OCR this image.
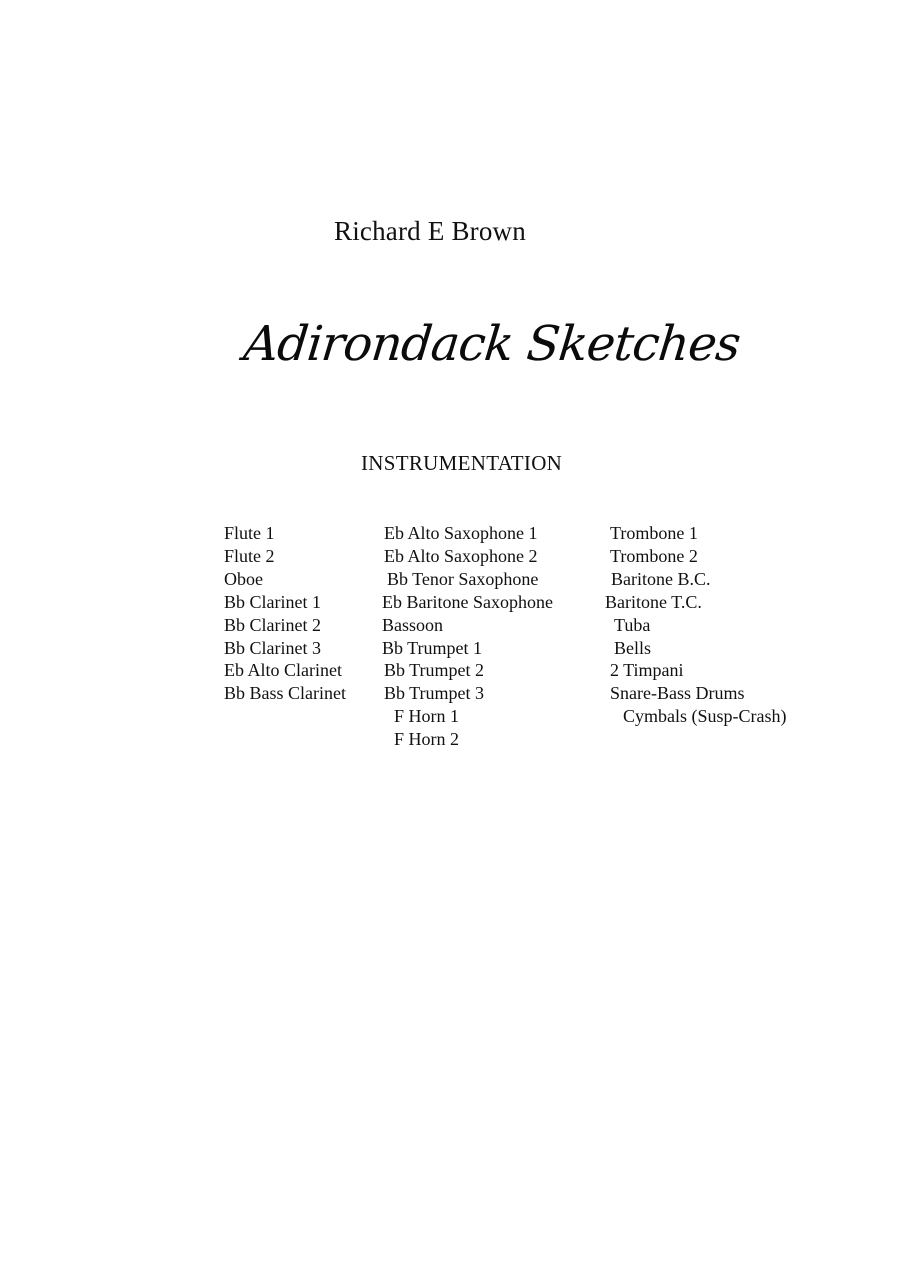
Richard E Brown
Adirondack Sketches
INSTRUMENTATION
Flute 1
Flute 2
Oboe
Bb Clarinet 1
Bb Clarinet 2
Bb Clarinet 3
Eb Alto Clarinet
Bb Bass Clarinet
Eb Alto Saxophone 1
Eb Alto Saxophone 2
Bb Tenor Saxophone
Eb Baritone Saxophone
Bassoon
Bb Trumpet 1
Bb Trumpet 2
Bb Trumpet 3
F Horn 1
F Horn 2
Trombone 1
Trombone 2
Baritone B.C.
Baritone T.C.
Tuba
Bells
2 Timpani
Snare-Bass Drums
Cymbals (Susp-Crash)
